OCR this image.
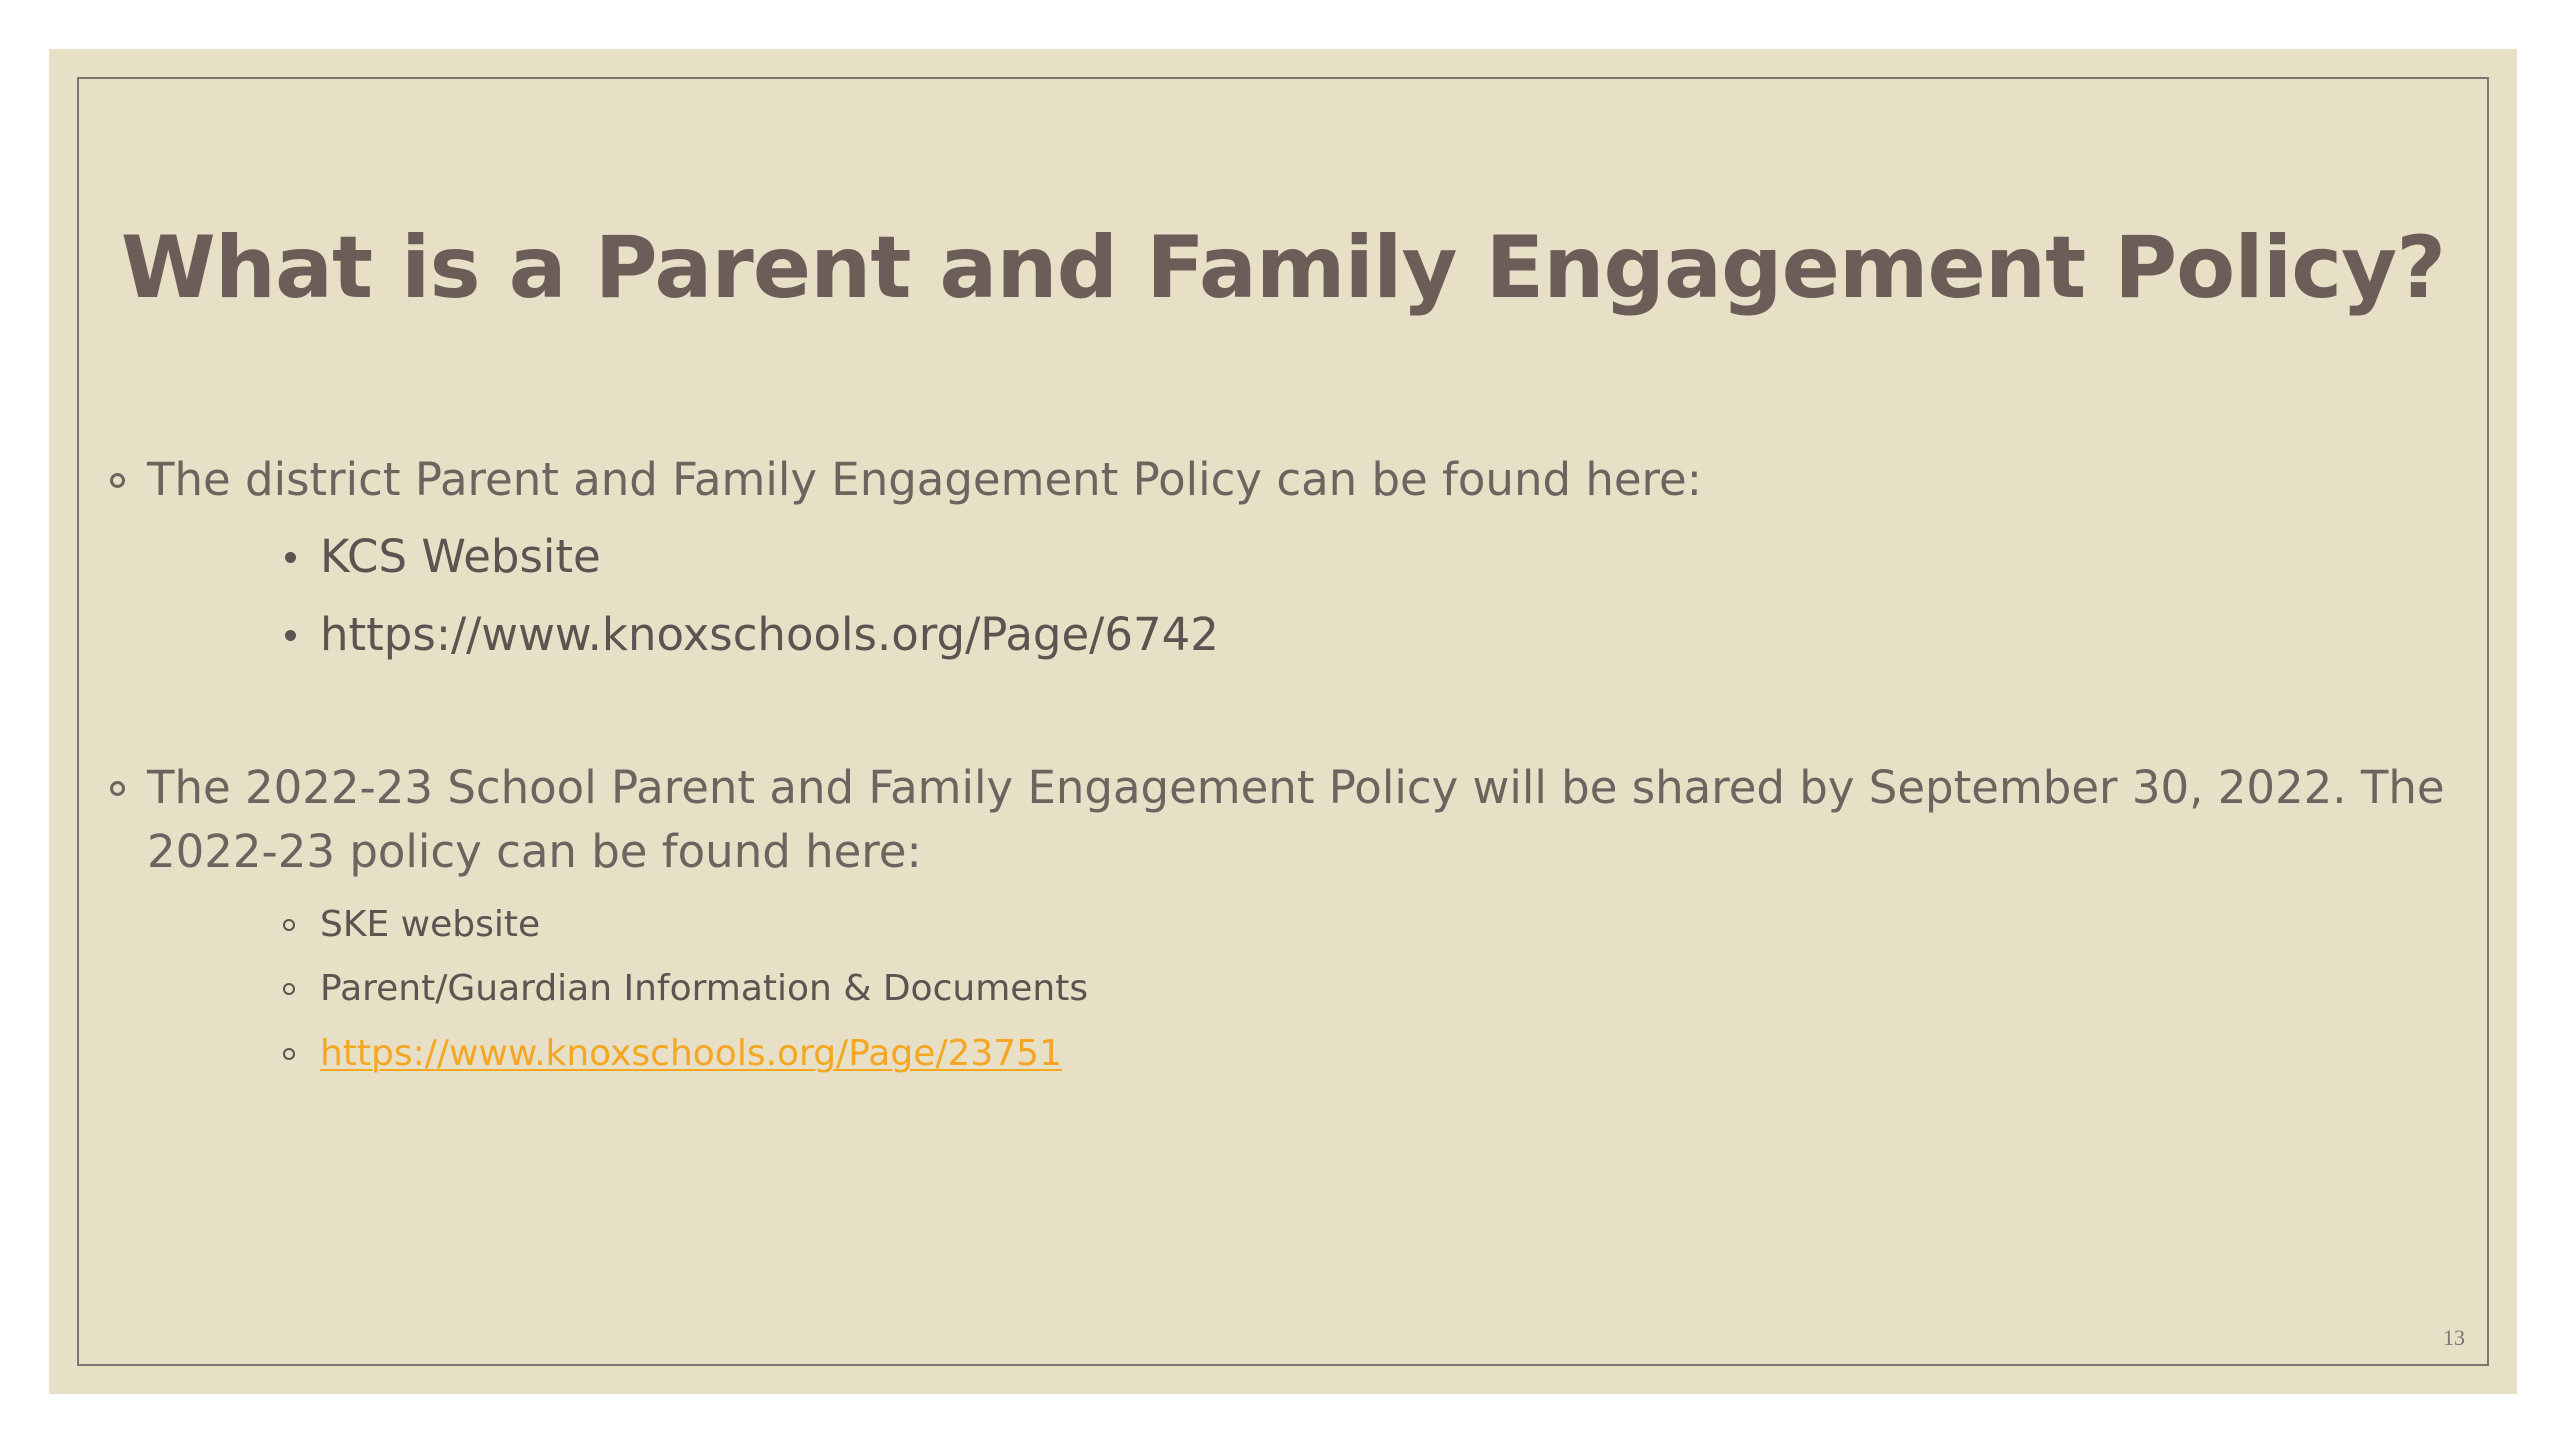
What is a Parent and Family Engagement Policy?
The district Parent and Family Engagement Policy can be found here:
KCS Website
https://www.knoxschools.org/Page/6742
The 2022-23 School Parent and Family Engagement Policy will be shared by September 30, 2022. The
2022-23 policy can be found here:
SKE website
Parent/Guardian Information & Documents
https://www.knoxschools.org/Page/23751
13
